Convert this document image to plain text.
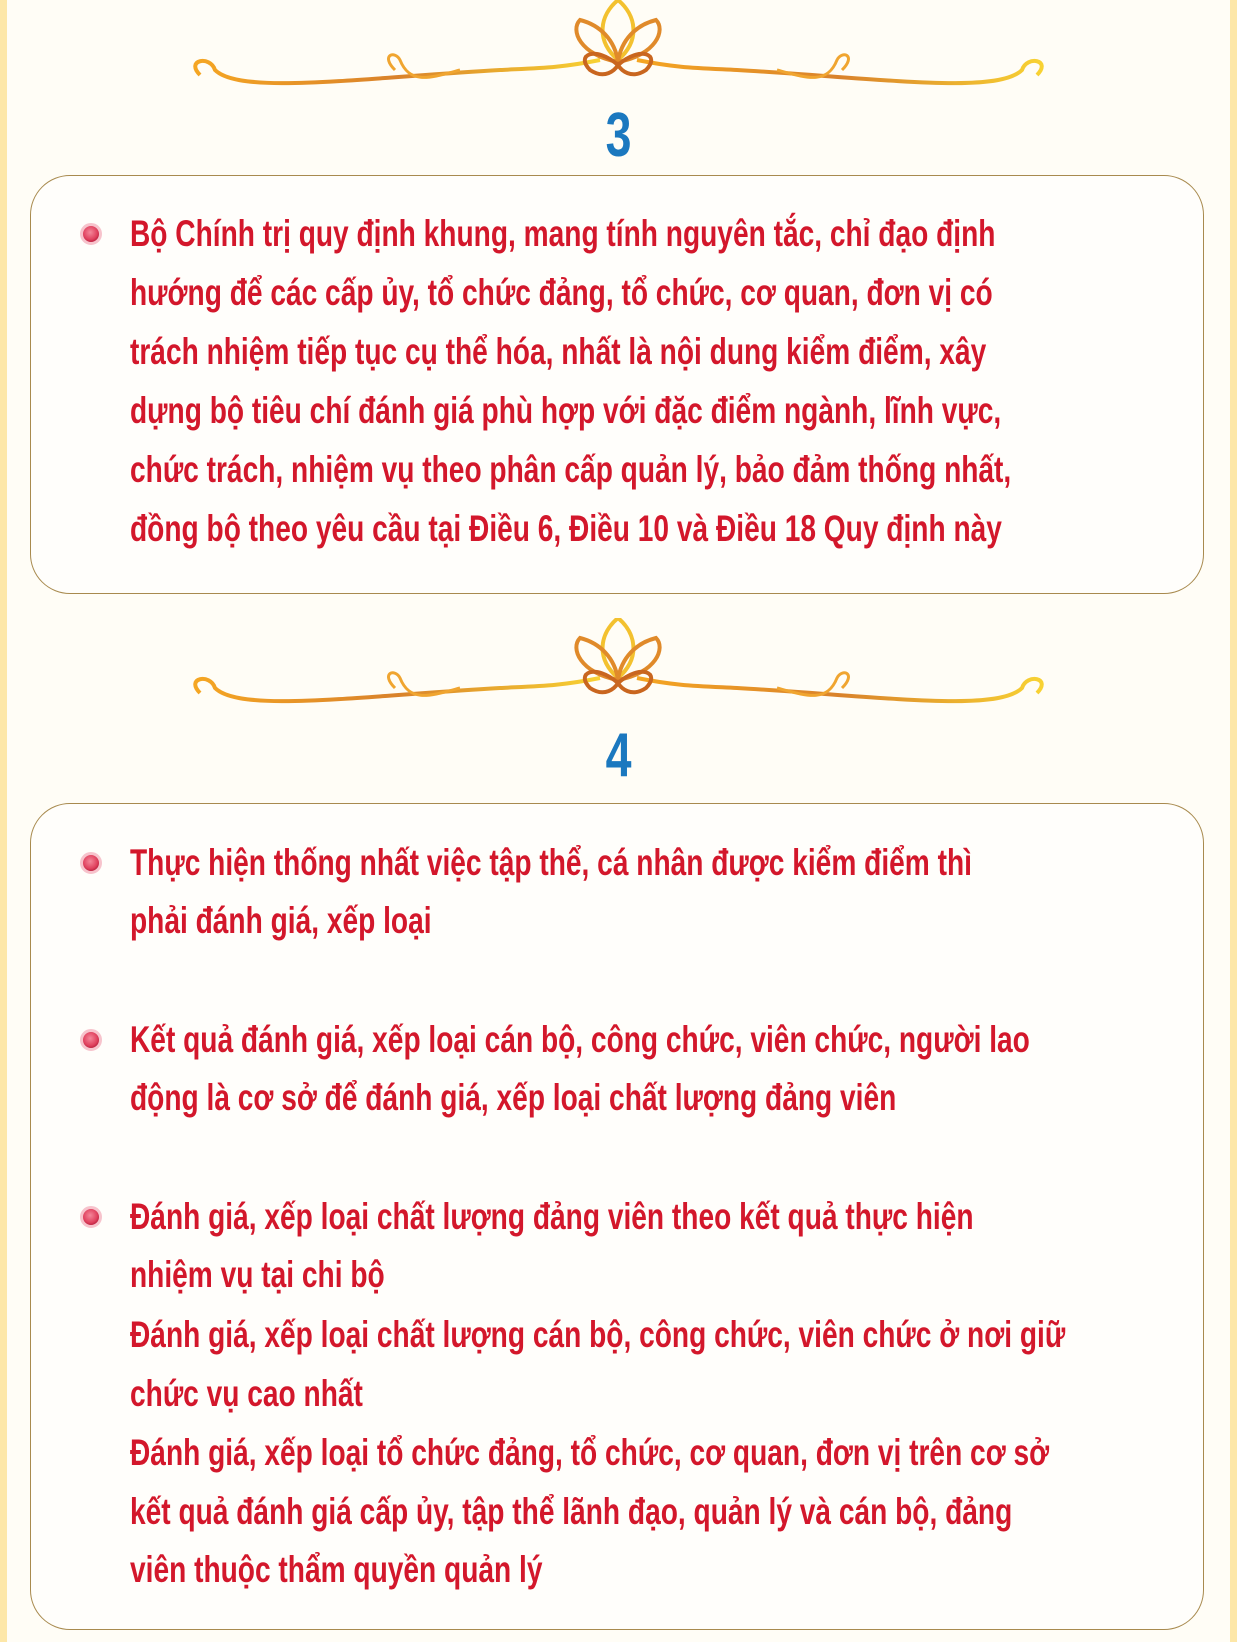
3
Bộ Chính trị quy định khung, mang tính nguyên tắc, chỉ đạo định
hướng để các cấp ủy, tổ chức đảng, tổ chức, cơ quan, đơn vị có
trách nhiệm tiếp tục cụ thể hóa, nhất là nội dung kiểm điểm, xây
dựng bộ tiêu chí đánh giá phù hợp với đặc điểm ngành, lĩnh vực,
chức trách, nhiệm vụ theo phân cấp quản lý, bảo đảm thống nhất,
đồng bộ theo yêu cầu tại Điều 6, Điều 10 và Điều 18 Quy định này
4
Thực hiện thống nhất việc tập thể, cá nhân được kiểm điểm thì
phải đánh giá, xếp loại
Kết quả đánh giá, xếp loại cán bộ, công chức, viên chức, người lao
động là cơ sở để đánh giá, xếp loại chất lượng đảng viên
Đánh giá, xếp loại chất lượng đảng viên theo kết quả thực hiện
nhiệm vụ tại chi bộ
Đánh giá, xếp loại chất lượng cán bộ, công chức, viên chức ở nơi giữ
chức vụ cao nhất
Đánh giá, xếp loại tổ chức đảng, tổ chức, cơ quan, đơn vị trên cơ sở
kết quả đánh giá cấp ủy, tập thể lãnh đạo, quản lý và cán bộ, đảng
viên thuộc thẩm quyền quản lý
